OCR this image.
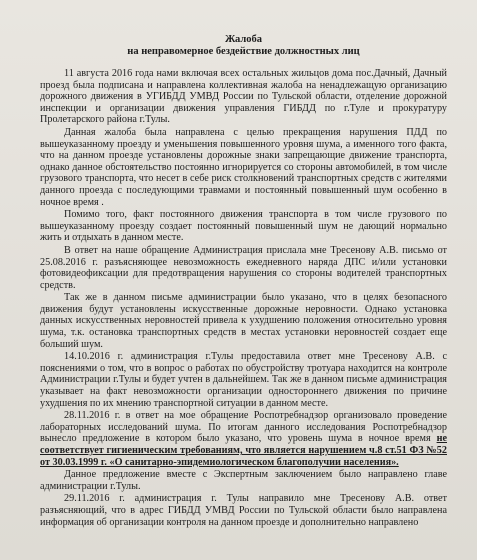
Жалоба

на неправомерное бездействие должностных лиц

11 августа 2016 года нами включая всех остальных жильцов дома пос.Дачный, Дачный проезд была подписана и направлена коллективная жалоба на ненадлежащую организацию дорожного движения в УГИБДД УМВД России по Тульской области, отделение дорожной инспекции и организации движения управления ГИБДД по г.Туле и прокуратуру Пролетарского района г.Тулы.

Данная жалоба была направлена с целью прекращения нарушения ПДД по вышеуказанному проезду и уменьшения повышенного уровня шума, а именного того факта, что на данном проезде установлены дорожные знаки запрещающие движение транспорта, однако данное обстоятельство постоянно игнорируется со стороны автомобилей, в том числе грузового транспорта, что несет в себе риск столкновений транспортных средств с жителями данного проезда с последующими травмами и постоянный повышенный шум особенно в ночное время .

Помимо того, факт постоянного движения транспорта в том числе грузового по вышеуказанному проезду создает постоянный повышенный шум не дающий нормально жить и отдыхать в данном месте.

В ответ на наше обращение Администрация прислала мне Тресенову А.В. письмо от 25.08.2016 г. разъясняющее невозможность ежедневного наряда ДПС и/или установки фотовидеофиксации для предотвращения нарушения со стороны водителей транспортных средств.

Так же в данном письме администрации было указано, что в целях безопасного движения будут установлены искусственные дорожные неровности. Однако установка данных искусственных неровностей привела к ухудшению положения относительно уровня шума, т.к. остановка транспортных средств в местах установки неровностей создает еще больший шум.

14.10.2016 г. администрация г.Тулы предоставила ответ мне Тресенову А.В. с пояснениями о том, что в вопрос о работах по обустройству тротуара находится на контроле Администрации г.Тулы и будет учтен в дальнейшем. Так же в данном письме администрация указывает на факт невозможности организации одностороннего движения по причине ухудшения по их мнению транспортной ситуации в данном месте.

28.11.2016 г. в ответ на мое обращение Роспотребнадзор организовало проведение лабораторных исследований шума. По итогам данного исследования Роспотребнадзор вынесло предложение в котором было указано, что уровень шума в ночное время не соответствует гигиеническим требованиям, что является нарушением ч.8 ст.51 ФЗ №52 от 30.03.1999 г. «О санитарно-эпидемиологическом благополучии населения».

Данное предложение вместе с Экспертным заключением было направлено главе администрации г.Тулы.

29.11.2016 г. администрация г. Тулы направило мне Тресенову А.В. ответ разъясняющий, что в адрес ГИБДД УМВД России по Тульской области было направлена информация об организации контроля на данном проезде и дополнительно направлено
